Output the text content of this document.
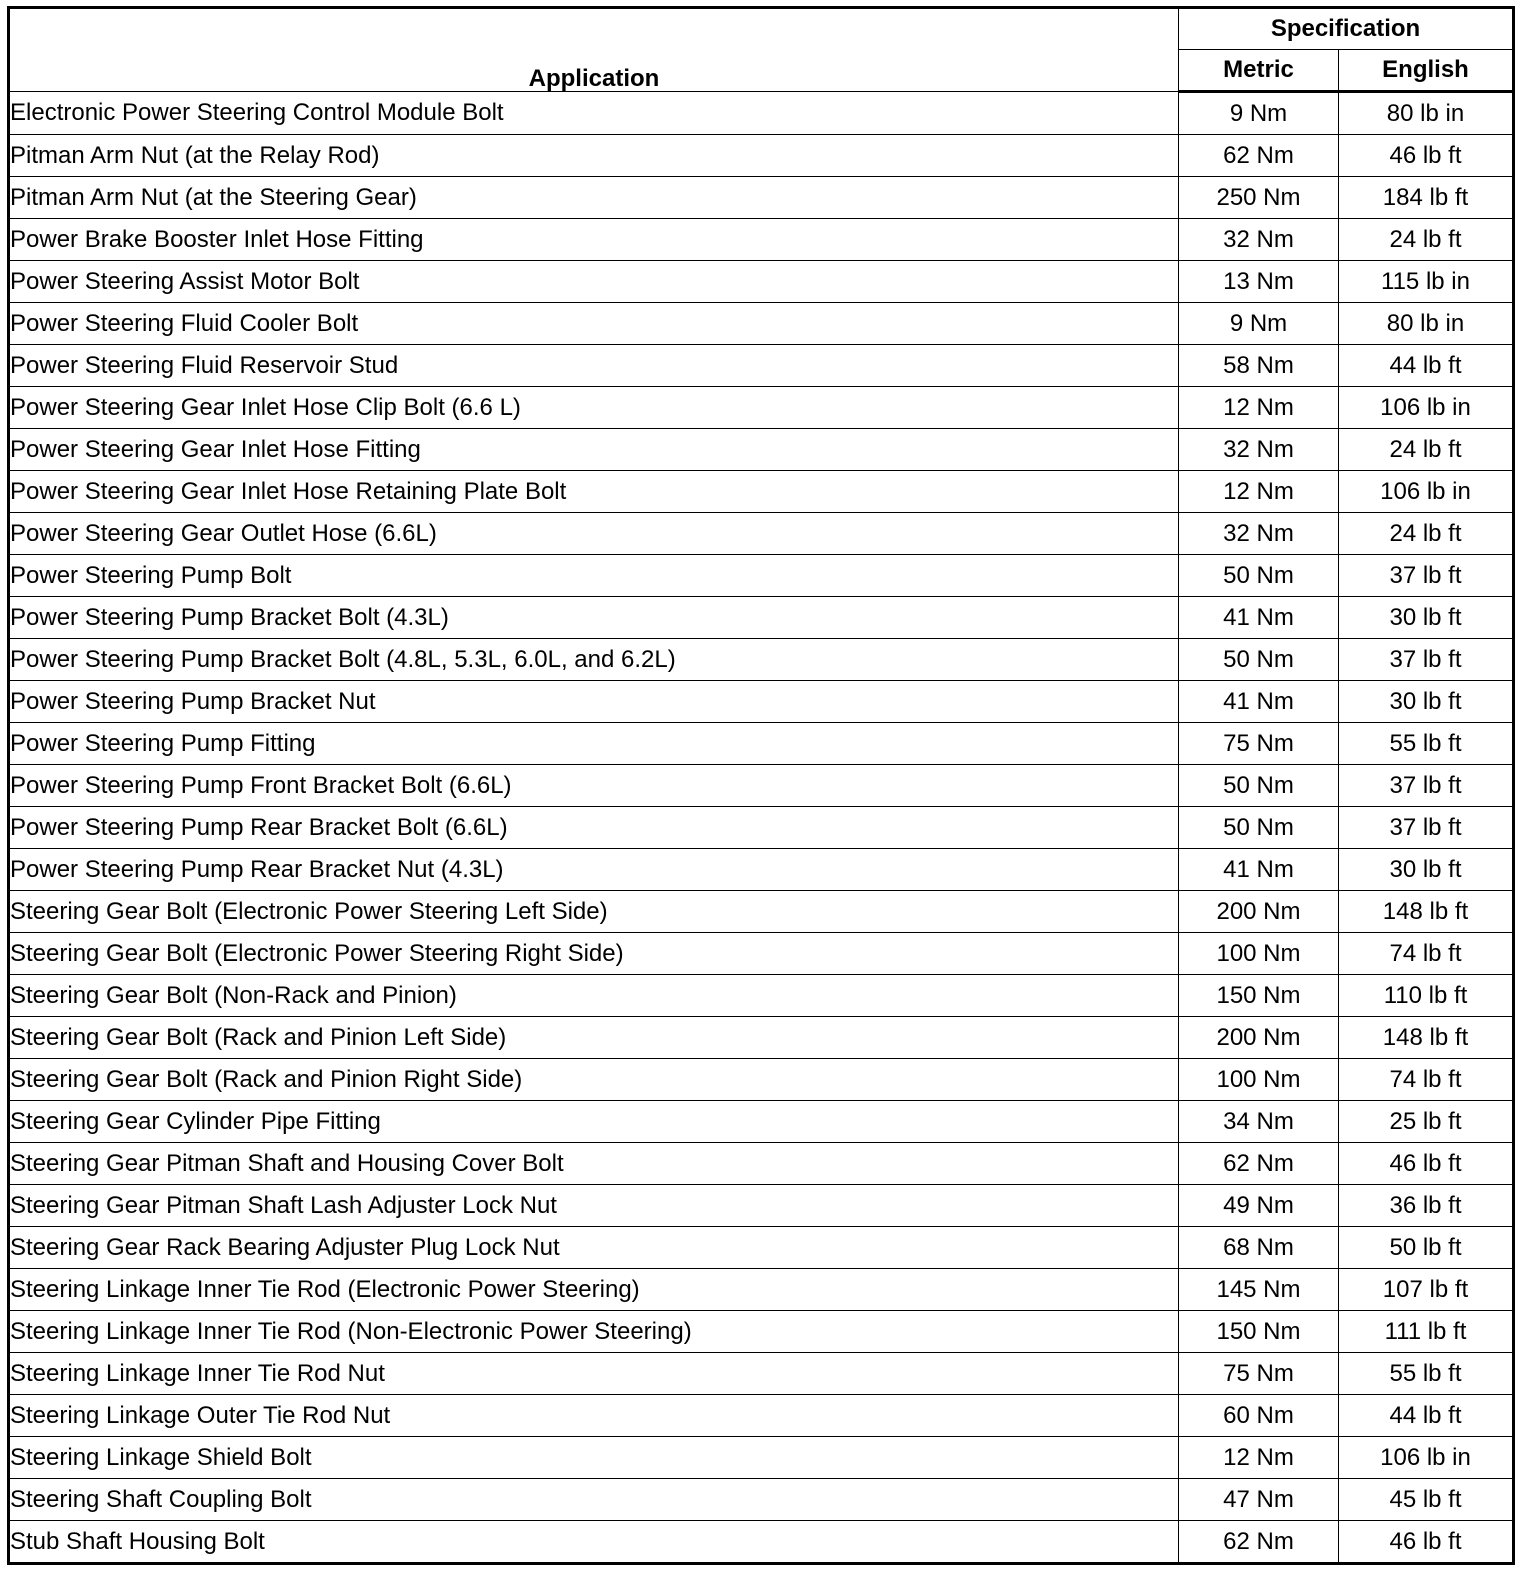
Application	Specification	
	Metric	English
Electronic Power Steering Control Module Bolt	9 Nm	80 lb in
Pitman Arm Nut (at the Relay Rod)	62 Nm	46 lb ft
Pitman Arm Nut (at the Steering Gear)	250 Nm	184 lb ft
Power Brake Booster Inlet Hose Fitting	32 Nm	24 lb ft
Power Steering Assist Motor Bolt	13 Nm	115 lb in
Power Steering Fluid Cooler Bolt	9 Nm	80 lb in
Power Steering Fluid Reservoir Stud	58 Nm	44 lb ft
Power Steering Gear Inlet Hose Clip Bolt (6.6 L)	12 Nm	106 lb in
Power Steering Gear Inlet Hose Fitting	32 Nm	24 lb ft
Power Steering Gear Inlet Hose Retaining Plate Bolt	12 Nm	106 lb in
Power Steering Gear Outlet Hose (6.6L)	32 Nm	24 lb ft
Power Steering Pump Bolt	50 Nm	37 lb ft
Power Steering Pump Bracket Bolt (4.3L)	41 Nm	30 lb ft
Power Steering Pump Bracket Bolt (4.8L, 5.3L, 6.0L, and 6.2L)	50 Nm	37 lb ft
Power Steering Pump Bracket Nut	41 Nm	30 lb ft
Power Steering Pump Fitting	75 Nm	55 lb ft
Power Steering Pump Front Bracket Bolt (6.6L)	50 Nm	37 lb ft
Power Steering Pump Rear Bracket Bolt (6.6L)	50 Nm	37 lb ft
Power Steering Pump Rear Bracket Nut (4.3L)	41 Nm	30 lb ft
Steering Gear Bolt (Electronic Power Steering Left Side)	200 Nm	148 lb ft
Steering Gear Bolt (Electronic Power Steering Right Side)	100 Nm	74 lb ft
Steering Gear Bolt (Non-Rack and Pinion)	150 Nm	110 lb ft
Steering Gear Bolt (Rack and Pinion Left Side)	200 Nm	148 lb ft
Steering Gear Bolt (Rack and Pinion Right Side)	100 Nm	74 lb ft
Steering Gear Cylinder Pipe Fitting	34 Nm	25 lb ft
Steering Gear Pitman Shaft and Housing Cover Bolt	62 Nm	46 lb ft
Steering Gear Pitman Shaft Lash Adjuster Lock Nut	49 Nm	36 lb ft
Steering Gear Rack Bearing Adjuster Plug Lock Nut	68 Nm	50 lb ft
Steering Linkage Inner Tie Rod (Electronic Power Steering)	145 Nm	107 lb ft
Steering Linkage Inner Tie Rod (Non-Electronic Power Steering)	150 Nm	111 lb ft
Steering Linkage Inner Tie Rod Nut	75 Nm	55 lb ft
Steering Linkage Outer Tie Rod Nut	60 Nm	44 lb ft
Steering Linkage Shield Bolt	12 Nm	106 lb in
Steering Shaft Coupling Bolt	47 Nm	45 lb ft
Stub Shaft Housing Bolt	62 Nm	46 lb ft
